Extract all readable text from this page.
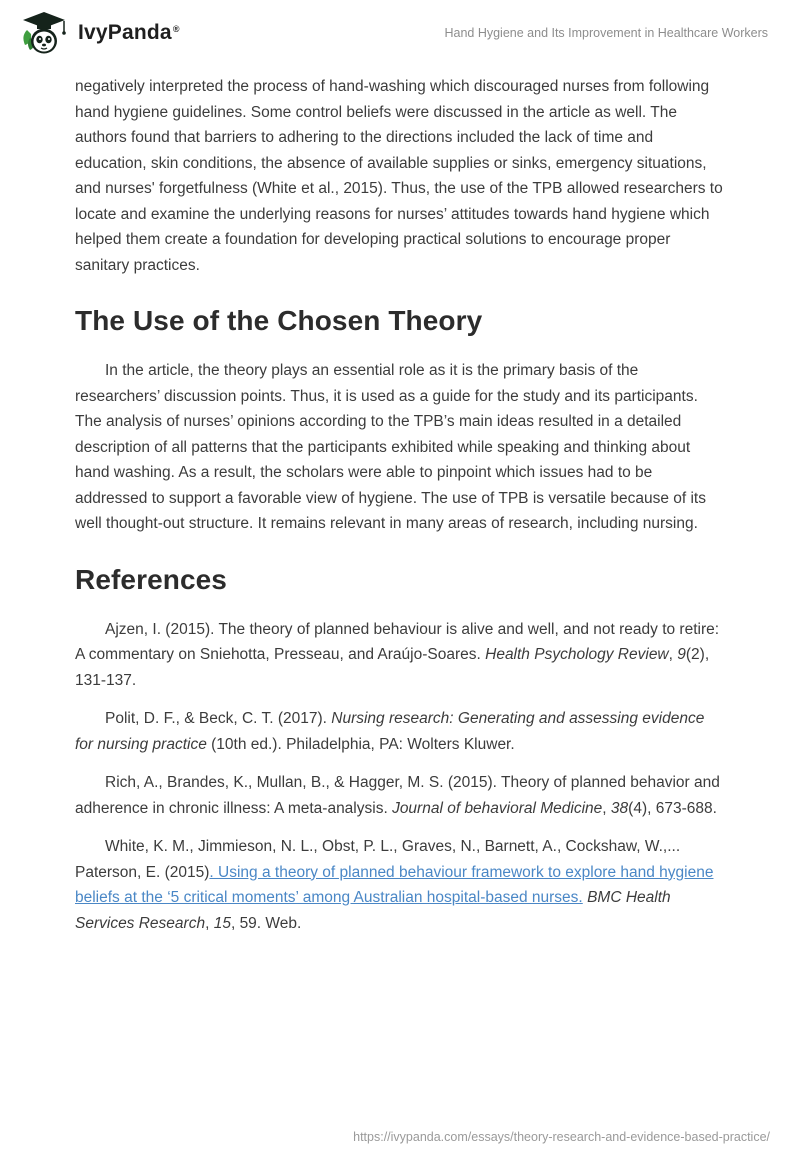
IvyPanda®	Hand Hygiene and Its Improvement in Healthcare Workers

negatively interpreted the process of hand-washing which discouraged nurses from following hand hygiene guidelines. Some control beliefs were discussed in the article as well. The authors found that barriers to adhering to the directions included the lack of time and education, skin conditions, the absence of available supplies or sinks, emergency situations, and nurses' forgetfulness (White et al., 2015). Thus, the use of the TPB allowed researchers to locate and examine the underlying reasons for nurses’ attitudes towards hand hygiene which helped them create a foundation for developing practical solutions to encourage proper sanitary practices.

The Use of the Chosen Theory

In the article, the theory plays an essential role as it is the primary basis of the researchers’ discussion points. Thus, it is used as a guide for the study and its participants. The analysis of nurses’ opinions according to the TPB’s main ideas resulted in a detailed description of all patterns that the participants exhibited while speaking and thinking about hand washing. As a result, the scholars were able to pinpoint which issues had to be addressed to support a favorable view of hygiene. The use of TPB is versatile because of its well thought-out structure. It remains relevant in many areas of research, including nursing.

References

Ajzen, I. (2015). The theory of planned behaviour is alive and well, and not ready to retire: A commentary on Sniehotta, Presseau, and Araújo-Soares. Health Psychology Review, 9(2), 131-137.

Polit, D. F., & Beck, C. T. (2017). Nursing research: Generating and assessing evidence for nursing practice (10th ed.). Philadelphia, PA: Wolters Kluwer.

Rich, A., Brandes, K., Mullan, B., & Hagger, M. S. (2015). Theory of planned behavior and adherence in chronic illness: A meta-analysis. Journal of behavioral Medicine, 38(4), 673-688.

White, K. M., Jimmieson, N. L., Obst, P. L., Graves, N., Barnett, A., Cockshaw, W.,... Paterson, E. (2015). Using a theory of planned behaviour framework to explore hand hygiene beliefs at the ‘5 critical moments’ among Australian hospital-based nurses. BMC Health Services Research, 15, 59. Web.

https://ivypanda.com/essays/theory-research-and-evidence-based-practice/
